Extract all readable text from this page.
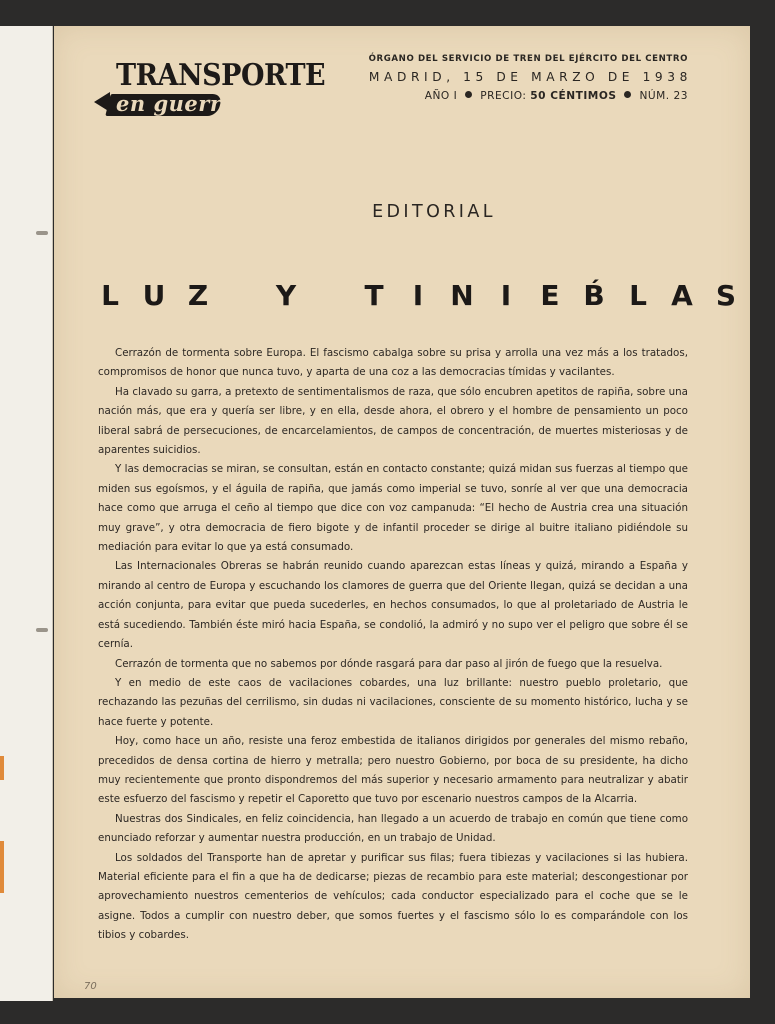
TRANSPORTE
en guerra
ÓRGANO DEL SERVICIO DE TREN DEL EJÉRCITO DEL CENTRO
MADRID, 15 DE MARZO DE 1938
AÑO I PRECIO: 50 CÉNTIMOS NÚM. 23
EDITORIAL
L U Z Y T I N I E B́ L A S

Cerrazón de tormenta sobre Europa. El fascismo cabalga sobre su prisa y arrolla una vez más a los tratados, compromisos de honor que nunca tuvo, y aparta de una coz a las democracias tímidas y vacilantes.

Ha clavado su garra, a pretexto de sentimentalismos de raza, que sólo encubren apetitos de rapiña, sobre una nación más, que era y quería ser libre, y en ella, desde ahora, el obrero y el hombre de pensamiento un poco liberal sabrá de persecuciones, de encarcelamientos, de campos de concentración, de muertes misteriosas y de aparentes suicidios.

Y las democracias se miran, se consultan, están en contacto constante; quizá midan sus fuerzas al tiempo que miden sus egoísmos, y el águila de rapiña, que jamás como imperial se tuvo, sonríe al ver que una democracia hace como que arruga el ceño al tiempo que dice con voz campanuda: “El hecho de Austria crea una situación muy grave”, y otra democracia de fiero bigote y de infantil proceder se dirige al buitre italiano pidiéndole su mediación para evitar lo que ya está consumado.

Las Internacionales Obreras se habrán reunido cuando aparezcan estas líneas y quizá, mirando a España y mirando al centro de Europa y escuchando los clamores de guerra que del Oriente llegan, quizá se decidan a una acción conjunta, para evitar que pueda sucederles, en hechos consumados, lo que al proletariado de Austria le está sucediendo. También éste miró hacia España, se condolió, la admiró y no supo ver el peligro que sobre él se cernía.

Cerrazón de tormenta que no sabemos por dónde rasgará para dar paso al jirón de fuego que la resuelva.

Y en medio de este caos de vacilaciones cobardes, una luz brillante: nuestro pueblo proletario, que rechazando las pezuñas del cerrilismo, sin dudas ni vacilaciones, consciente de su momento histórico, lucha y se hace fuerte y potente.

Hoy, como hace un año, resiste una feroz embestida de italianos dirigidos por generales del mismo rebaño, precedidos de densa cortina de hierro y metralla; pero nuestro Gobierno, por boca de su presidente, ha dicho muy recientemente que pronto dispondremos del más superior y necesario armamento para neutralizar y abatir este esfuerzo del fascismo y repetir el Caporetto que tuvo por escenario nuestros campos de la Alcarria.

Nuestras dos Sindicales, en feliz coincidencia, han llegado a un acuerdo de trabajo en común que tiene como enunciado reforzar y aumentar nuestra producción, en un trabajo de Unidad.

Los soldados del Transporte han de apretar y purificar sus filas; fuera tibiezas y vacilaciones si las hubiera. Material eficiente para el fin a que ha de dedicarse; piezas de recambio para este material; descongestionar por aprovechamiento nuestros cementerios de vehículos; cada conductor especializado para el coche que se le asigne. Todos a cumplir con nuestro deber, que somos fuertes y el fascismo sólo lo es comparándole con los tibios y cobardes.

70
